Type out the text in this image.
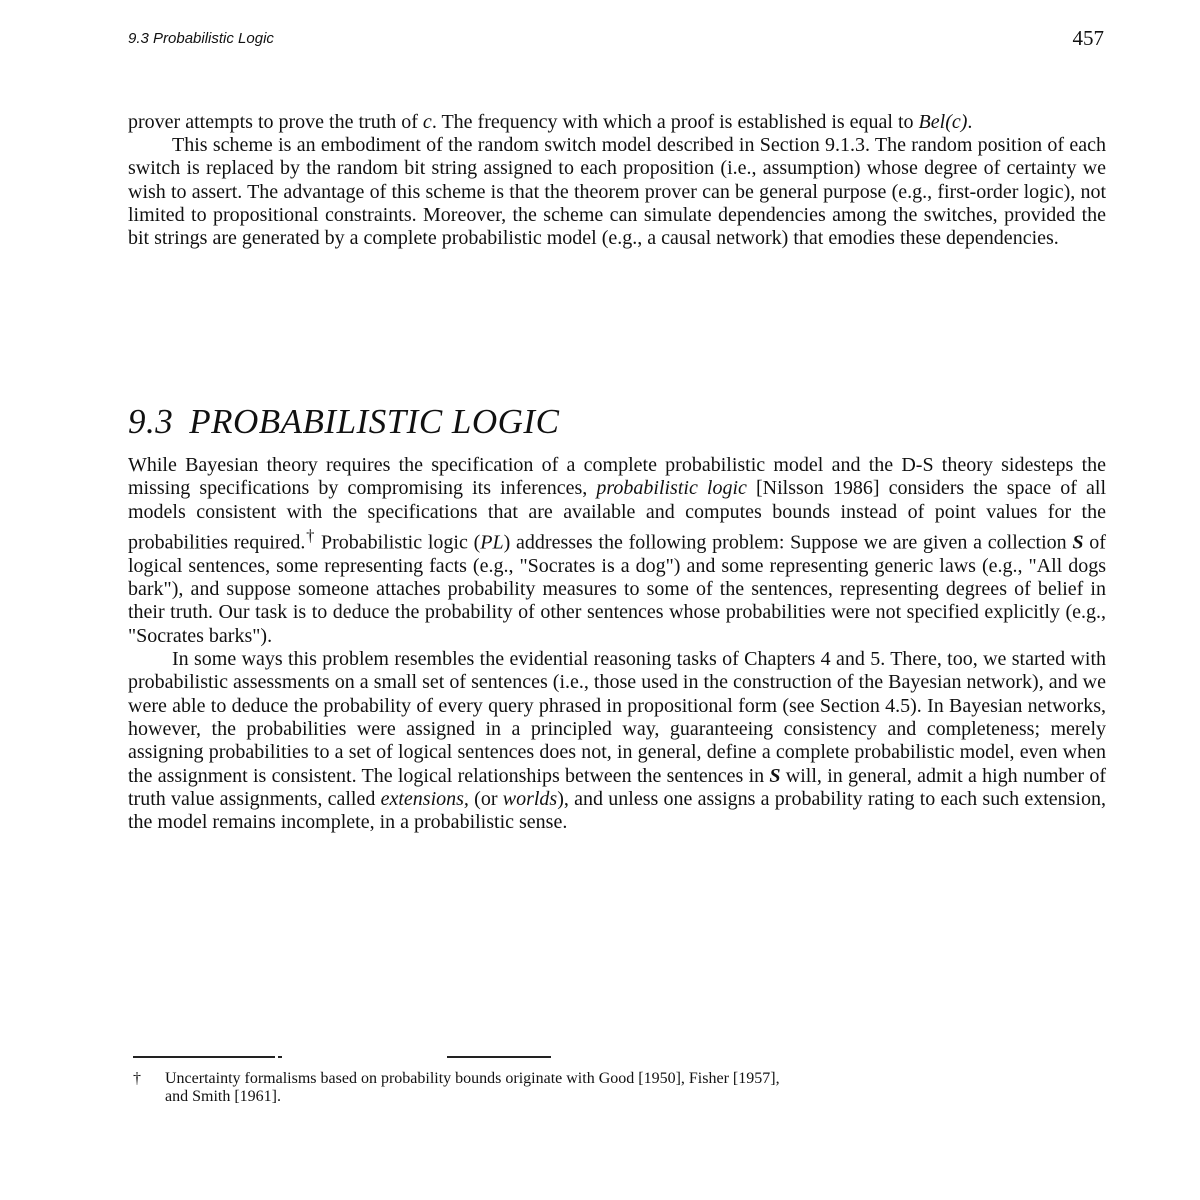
9.3 Probabilistic Logic	457

prover attempts to prove the truth of c. The frequency with which a proof is established is equal to Bel(c).

This scheme is an embodiment of the random switch model described in Section 9.1.3. The random position of each switch is replaced by the random bit string assigned to each proposition (i.e., assumption) whose degree of certainty we wish to assert. The advantage of this scheme is that the theorem prover can be general purpose (e.g., first-order logic), not limited to propositional constraints. Moreover, the scheme can simulate dependencies among the switches, provided the bit strings are generated by a complete probabilistic model (e.g., a causal network) that emodies these dependencies.

9.3 PROBABILISTIC LOGIC

While Bayesian theory requires the specification of a complete probabilistic model and the D-S theory sidesteps the missing specifications by compromising its inferences, probabilistic logic [Nilsson 1986] considers the space of all models consistent with the specifications that are available and computes bounds instead of point values for the probabilities required.† Probabilistic logic (PL) addresses the following problem: Suppose we are given a collection S of logical sentences, some representing facts (e.g., "Socrates is a dog") and some representing generic laws (e.g., "All dogs bark"), and suppose someone attaches probability measures to some of the sentences, representing degrees of belief in their truth. Our task is to deduce the probability of other sentences whose probabilities were not specified explicitly (e.g., "Socrates barks").

In some ways this problem resembles the evidential reasoning tasks of Chapters 4 and 5. There, too, we started with probabilistic assessments on a small set of sentences (i.e., those used in the construction of the Bayesian network), and we were able to deduce the probability of every query phrased in propositional form (see Section 4.5). In Bayesian networks, however, the probabilities were assigned in a principled way, guaranteeing consistency and completeness; merely assigning probabilities to a set of logical sentences does not, in general, define a complete probabilistic model, even when the assignment is consistent. The logical relationships between the sentences in S will, in general, admit a high number of truth value assignments, called extensions, (or worlds), and unless one assigns a probability rating to each such extension, the model remains incomplete, in a probabilistic sense.

† Uncertainty formalisms based on probability bounds originate with Good [1950], Fisher [1957],
and Smith [1961].
